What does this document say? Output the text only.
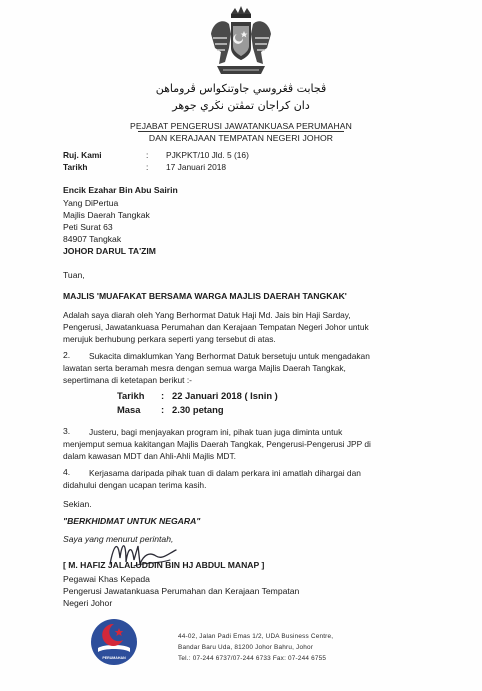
ڤجابت ڤڠروسي جاوتنکواس ڤروماهن
دان کراجان تمڤتن نڬري جوهر
PEJABAT PENGERUSI JAWATANKUASA PERUMAHAN
DAN KERAJAAN TEMPATAN NEGERI JOHOR
Ruj. Kami	: PJKPKT/10 Jld. 5 (16)
Tarikh	: 17 Januari 2018
Encik Ezahar Bin Abu Sairin
Yang DiPertua
Majlis Daerah Tangkak
Peti Surat 63
84907 Tangkak
JOHOR DARUL TA'ZIM
Tuan,
MAJLIS 'MUAFAKAT BERSAMA WARGA MAJLIS DAERAH TANGKAK'
Adalah saya diarah oleh Yang Berhormat Datuk Haji Md. Jais bin Haji Sarday,
Pengerusi, Jawatankuasa Perumahan dan Kerajaan Tempatan Negeri Johor untuk
merujuk berhubung perkara seperti yang tersebut di atas.
2. Sukacita dimaklumkan Yang Berhormat Datuk bersetuju untuk mengadakan
lawatan serta beramah mesra dengan semua warga Majlis Daerah Tangkak,
sepertimana di ketetapan berikut :-
Tarikh : 22 Januari 2018 ( Isnin )
Masa : 2.30 petang
3. Justeru, bagi menjayakan program ini, pihak tuan juga diminta untuk
menjemput semua kakitangan Majlis Daerah Tangkak, Pengerusi-Pengerusi JPP di
dalam kawasan MDT dan Ahli-Ahli Majlis MDT.
4. Kerjasama daripada pihak tuan di dalam perkara ini amatlah dihargai dan
didahului dengan ucapan terima kasih.
Sekian.
"BERKHIDMAT UNTUK NEGARA"
Saya yang menurut perintah,
[ M. HAFIZ JALALUDDIN BIN HJ ABDUL MANAP ]
Pegawai Khas Kepada
Pengerusi Jawatankuasa Perumahan dan Kerajaan Tempatan
Negeri Johor
PERUMAHAN
44-02, Jalan Padi Emas 1/2, UDA Business Centre,
Bandar Baru Uda, 81200 Johor Bahru, Johor
Tel.: 07-244 6737/07-244 6733 Fax: 07-244 6755
